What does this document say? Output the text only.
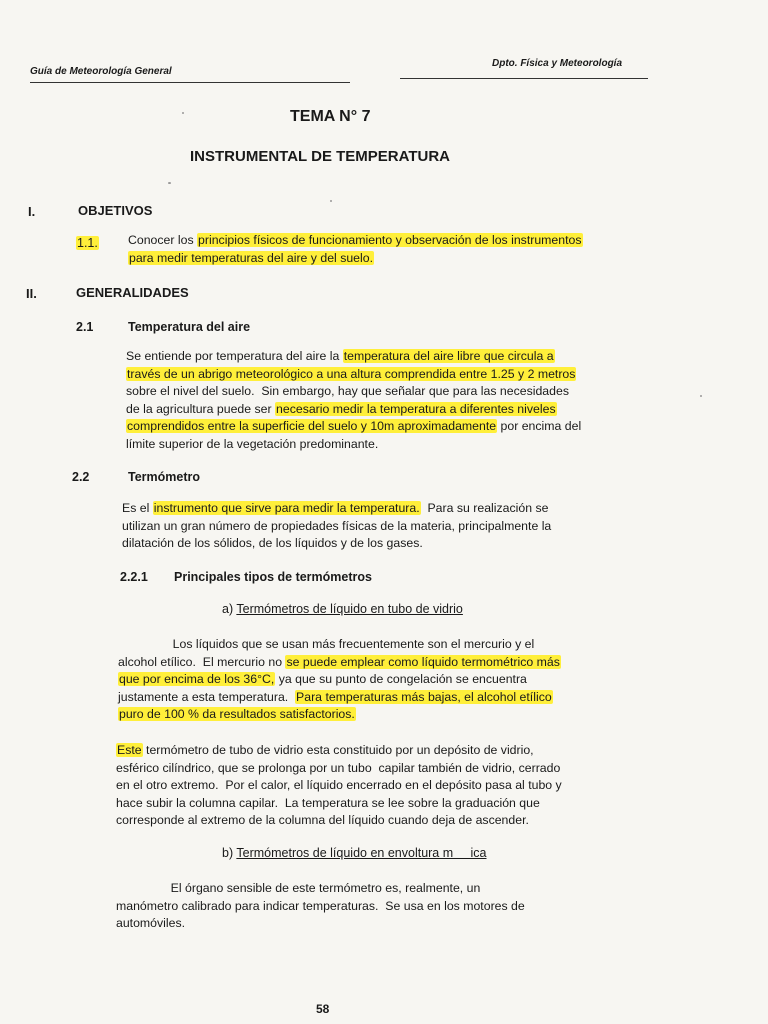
Guía de Meteorología General
Dpto. Física y Meteorología
TEMA N° 7
INSTRUMENTAL DE TEMPERATURA
I.	OBJETIVOS
1.1. Conocer los principios físicos de funcionamiento y observación de los instrumentos
para medir temperaturas del aire y del suelo.
II.	GENERALIDADES
2.1	Temperatura del aire
Se entiende por temperatura del aire la temperatura del aire libre que circula a
través de un abrigo meteorológico a una altura comprendida entre 1.25 y 2 metros
sobre el nivel del suelo.  Sin embargo, hay que señalar que para las necesidades
de la agricultura puede ser necesario medir la temperatura a diferentes niveles
comprendidos entre la superficie del suelo y 10m aproximadamente por encima del
límite superior de la vegetación predominante.
2.2	Termómetro
Es el instrumento que sirve para medir la temperatura.  Para su realización se
utilizan un gran número de propiedades físicas de la materia, principalmente la
dilatación de los sólidos, de los líquidos y de los gases.
2.2.1 Principales tipos de termómetros
a) Termómetros de líquido en tubo de vidrio
Los líquidos que se usan más frecuentemente son el mercurio y el
alcohol etílico.  El mercurio no se puede emplear como líquido termométrico más
que por encima de los 36°C, ya que su punto de congelación se encuentra
justamente a esta temperatura.  Para temperaturas más bajas, el alcohol etílico
puro de 100 % da resultados satisfactorios.
Este termómetro de tubo de vidrio esta constituido por un depósito de vidrio,
esférico cilíndrico, que se prolonga por un tubo  capilar también de vidrio, cerrado
en el otro extremo.  Por el calor, el líquido encerrado en el depósito pasa al tubo y
hace subir la columna capilar.  La temperatura se lee sobre la graduación que
corresponde al extremo de la columna del líquido cuando deja de ascender.
b) Termómetros de líquido en envoltura m     ica
El órgano sensible de este termómetro es, realmente, un
manómetro calibrado para indicar temperaturas.  Se usa en los motores de
automóviles.
58
